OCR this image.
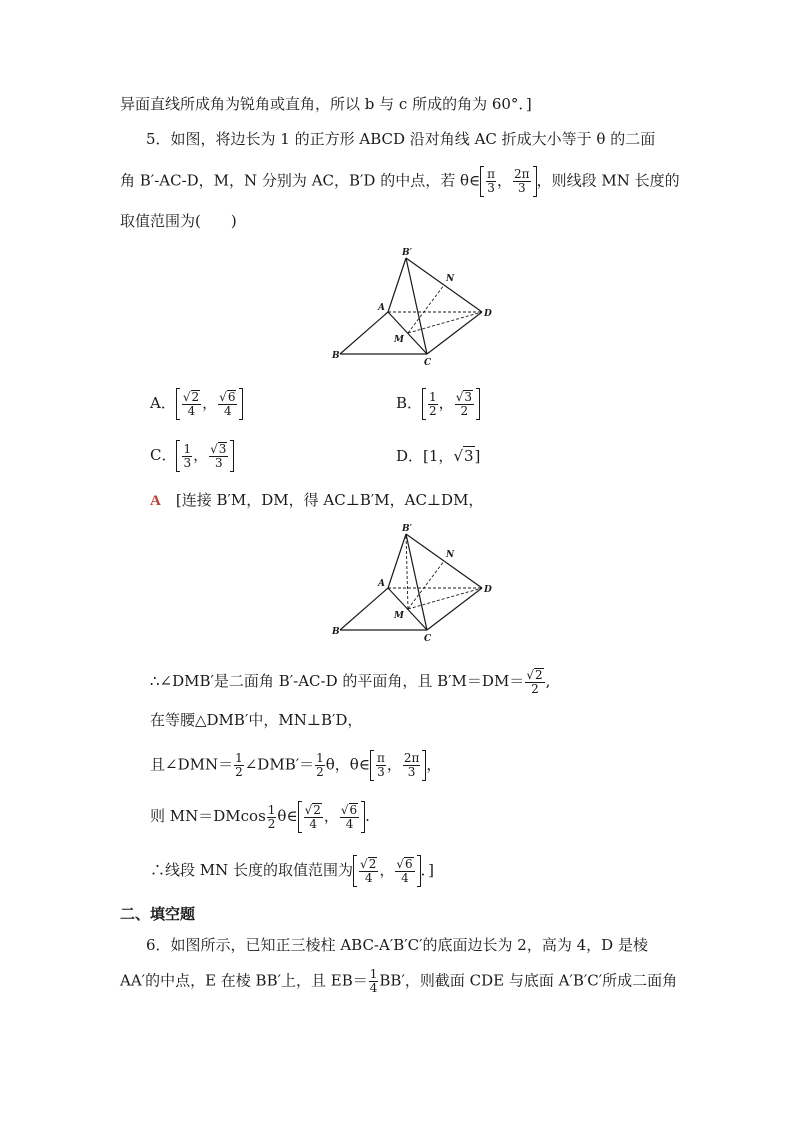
异面直线所成角为锐角或直角，所以 b 与 c 所成的角为 60°．]
5．如图，将边长为 1 的正方形 ABCD 沿对角线 AC 折成大小等于 θ 的二面
角 B′-AC-D，M，N 分别为 AC，B′D 的中点，若 θ∈ $\frac{\pi}{3}$ ， $\frac{2\pi}{3}$ ，则线段 MN 长度的
取值范围为(　　)
B′
N
A
D
M
B
C
A． $\frac{√2}{4}$ ， $\frac{√6}{4}$	B． $\frac{1}{2}$ ， $\frac{√3}{2}$
C． $\frac{1}{3}$ ， $\frac{√3}{3}$	D．[1，√3]
A　 [连接 B′M，DM，得 AC⊥B′M，AC⊥DM，
B′
N
A
D
M
B
C
∴∠DMB′是二面角 B′-AC-D 的平面角，且 $B'M=DM= \frac{√2}{2}$ ,
在等腰△DMB′中，MN⊥B′D，
且∠DMN＝ $\frac{1}{2}$ ∠DMB′＝ $\frac{1}{2}$ θ，θ∈ $\frac{\pi}{3}$ ， $\frac{2\pi}{3}$ ，
则 $MN=DMcos \frac{1}{2}$ θ∈ $\frac{√2}{4}$ ， $\frac{√6}{4}$ .
∴线段 MN 长度的取值范围为 $\frac{√2}{4}$ ， $\frac{√6}{4}$ ．]
二、填空题
6．如图所示，已知正三棱柱 ABC-A′B′C′的底面边长为 2，高为 4，D 是棱
AA′的中点，E 在棱 BB′上，且 $EB= \frac{1}{4} BB'$，则截面 CDE 与底面 A′B′C′所成二面角
